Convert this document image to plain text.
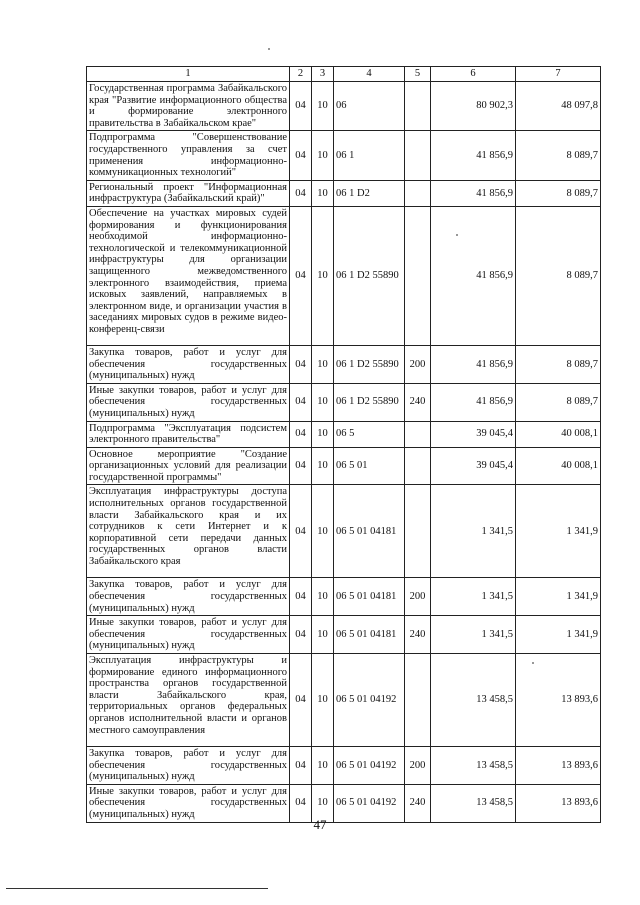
1	2	3	4	5	6	7
Государственная программа Забайкальского края "Развитие информационного общества и формирование электронного правительства в Забайкальском крае"	04	10	06		80 902,3	48 097,8
Подпрограмма "Совершенствование государственного управления за счет применения информационно-коммуникационных технологий"	04	10	06 1		41 856,9	8 089,7
Региональный проект "Информационная инфраструктура (Забайкальский край)"	04	10	06 1 D2		41 856,9	8 089,7
Обеспечение на участках мировых судей формирования и функционирования необходимой информационно-технологической и телекоммуникационной инфраструктуры для организации защищенного межведомственного электронного взаимодействия, приема исковых заявлений, направляемых в электронном виде, и организации участия в заседаниях мировых судов в режиме видео-конференц-связи	04	10	06 1 D2 55890		41 856,9	8 089,7
Закупка товаров, работ и услуг для обеспечения государственных (муниципальных) нужд	04	10	06 1 D2 55890	200	41 856,9	8 089,7
Иные закупки товаров, работ и услуг для обеспечения государственных (муниципальных) нужд	04	10	06 1 D2 55890	240	41 856,9	8 089,7
Подпрограмма "Эксплуатация подсистем электронного правительства"	04	10	06 5		39 045,4	40 008,1
Основное мероприятие "Создание организационных условий для реализации государственной программы"	04	10	06 5 01		39 045,4	40 008,1
Эксплуатация инфраструктуры доступа исполнительных органов государственной власти Забайкальского края и их сотрудников к сети Интернет и к корпоративной сети передачи данных государственных органов власти Забайкальского края	04	10	06 5 01 04181		1 341,5	1 341,9
Закупка товаров, работ и услуг для обеспечения государственных (муниципальных) нужд	04	10	06 5 01 04181	200	1 341,5	1 341,9
Иные закупки товаров, работ и услуг для обеспечения государственных (муниципальных) нужд	04	10	06 5 01 04181	240	1 341,5	1 341,9
Эксплуатация инфраструктуры и формирование единого информационного пространства органов государственной власти Забайкальского края, территориальных органов федеральных органов исполнительной власти и органов местного самоуправления	04	10	06 5 01 04192		13 458,5	13 893,6
Закупка товаров, работ и услуг для обеспечения государственных (муниципальных) нужд	04	10	06 5 01 04192	200	13 458,5	13 893,6
Иные закупки товаров, работ и услуг для обеспечения государственных (муниципальных) нужд	04	10	06 5 01 04192	240	13 458,5	13 893,6
47
